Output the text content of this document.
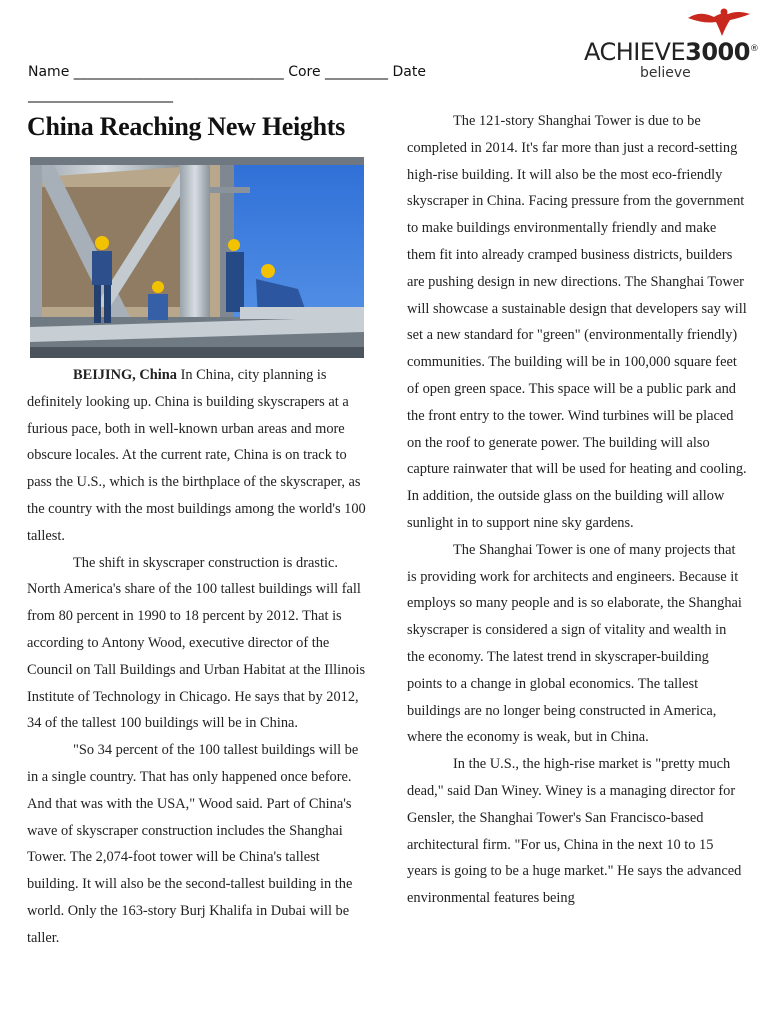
Name ______________________________ Core _________ Date
________________________
ACHIEVE3000®
believe
China Reaching New Heights

BEIJING, China In China, city planning is definitely looking up. China is building skyscrapers at a furious pace, both in well-known urban areas and more obscure locales. At the current rate, China is on track to pass the U.S., which is the birthplace of the skyscraper, as the country with the most buildings among the world's 100 tallest.

The shift in skyscraper construction is drastic. North America's share of the 100 tallest buildings will fall from 80 percent in 1990 to 18 percent by 2012. That is according to Antony Wood, executive director of the Council on Tall Buildings and Urban Habitat at the Illinois Institute of Technology in Chicago. He says that by 2012, 34 of the tallest 100 buildings will be in China.

"So 34 percent of the 100 tallest buildings will be in a single country. That has only happened once before. And that was with the USA," Wood said. Part of China's wave of skyscraper construction includes the Shanghai Tower. The 2,074-foot tower will be China's tallest building. It will also be the second-tallest building in the world. Only the 163-story Burj Khalifa in Dubai will be taller.

The 121-story Shanghai Tower is due to be completed in 2014. It's far more than just a record-setting high-rise building. It will also be the most eco-friendly skyscraper in China. Facing pressure from the government to make buildings environmentally friendly and make them fit into already cramped business districts, builders are pushing design in new directions. The Shanghai Tower will showcase a sustainable design that developers say will set a new standard for "green" (environmentally friendly) communities. The building will be in 100,000 square feet of open green space. This space will be a public park and the front entry to the tower. Wind turbines will be placed on the roof to generate power. The building will also capture rainwater that will be used for heating and cooling. In addition, the outside glass on the building will allow sunlight in to support nine sky gardens.

The Shanghai Tower is one of many projects that is providing work for architects and engineers. Because it employs so many people and is so elaborate, the Shanghai skyscraper is considered a sign of vitality and wealth in the economy. The latest trend in skyscraper-building points to a change in global economics. The tallest buildings are no longer being constructed in America, where the economy is weak, but in China.

In the U.S., the high-rise market is "pretty much dead," said Dan Winey. Winey is a managing director for Gensler, the Shanghai Tower's San Francisco-based architectural firm. "For us, China in the next 10 to 15 years is going to be a huge market." He says the advanced environmental features being
